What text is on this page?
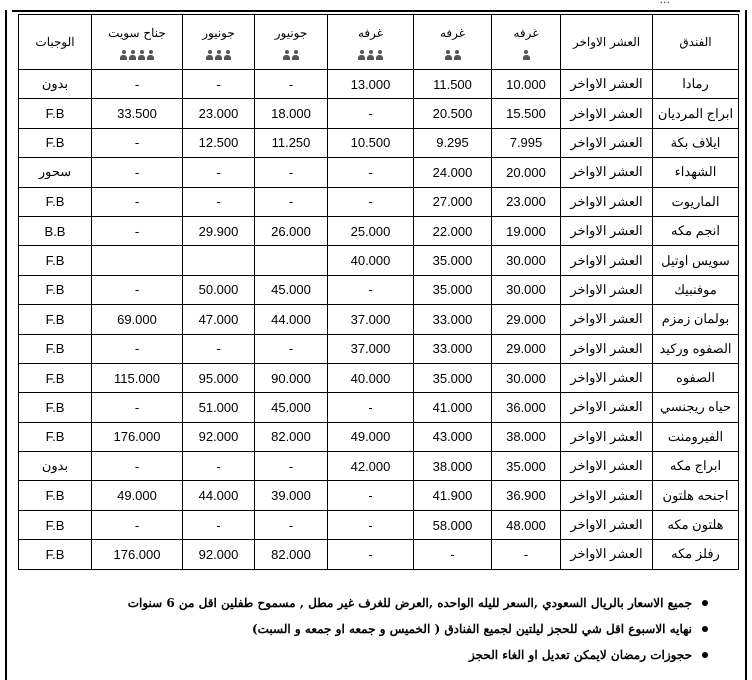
الفندق	العشر الاواخر	غرفه	غرفه	غرفه	جونيور	جونيور	جناح سويت	الوجبات
رمادا	العشر الاواخر	10.000	11.500	13.000	-	-	-	بدون
ابراج المرديان	العشر الاواخر	15.500	20.500	-	18.000	23.000	33.500	F.B
ايلاف بكة	العشر الاواخر	7.995	9.295	10.500	11.250	12.500	-	F.B
الشهداء	العشر الاواخر	20.000	24.000	-	-	-	-	سحور
الماريوت	العشر الاواخر	23.000	27.000	-	-	-	-	F.B
انجم مكه	العشر الاواخر	19.000	22.000	25.000	26.000	29.900	-	B.B
سويس اوتيل	العشر الاواخر	30.000	35.000	40.000				F.B
موفنبيك	العشر الاواخر	30.000	35.000	-	45.000	50.000	-	F.B
بولمان زمزم	العشر الاواخر	29.000	33.000	37.000	44.000	47.000	69.000	F.B
الصفوه وركيد	العشر الاواخر	29.000	33.000	37.000	-	-	-	F.B
الصفوه	العشر الاواخر	30.000	35.000	40.000	90.000	95.000	115.000	F.B
حياه ريجنسي	العشر الاواخر	36.000	41.000	-	45.000	51.000	-	F.B
الفيرومنت	العشر الاواخر	38.000	43.000	49.000	82.000	92.000	176.000	F.B
ابراج مكه	العشر الاواخر	35.000	38.000	42.000	-	-	-	بدون
اجنحه هلتون	العشر الاواخر	36.900	41.900	-	39.000	44.000	49.000	F.B
هلتون مكه	العشر الاواخر	48.000	58.000	-	-	-	-	F.B
رفلز مكه	العشر الاواخر	-	-	-	82.000	92.000	176.000	F.B
جميع الاسعار بالريال السعودي ,السعر لليله الواحده ,العرض للغرف غير مطل , مسموح طفلين اقل من 6 سنوات
نهايه الاسبوع اقل شي للحجز ليلتين لجميع الفنادق ( الخميس و جمعه او جمعه و السبت)
حجوزات رمضان لايمكن تعديل او الغاء الحجز
